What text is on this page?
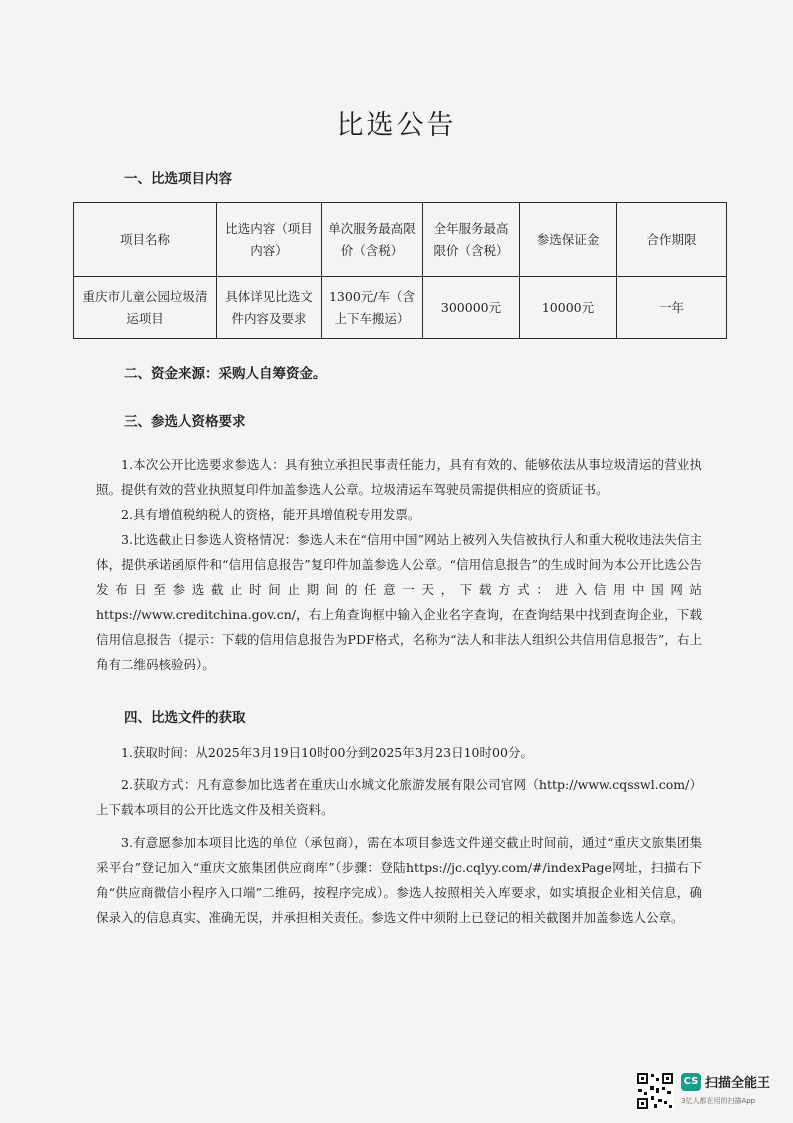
比选公告
一、比选项目内容
项目名称	比选内容（项目内容）	单次服务最高限价（含税）	全年服务最高限价（含税）	参选保证金	合作期限
重庆市儿童公园垃圾清运项目	具体详见比选文件内容及要求	1300元/车（含上下车搬运）	300000元	10000元	一年
二、资金来源：采购人自筹资金。
三、参选人资格要求

1.本次公开比选要求参选人：具有独立承担民事责任能力，具有有效的、能够依法从事垃圾清运的营业执照。提供有效的营业执照复印件加盖参选人公章。垃圾清运车驾驶员需提供相应的资质证书。

2.具有增值税纳税人的资格，能开具增值税专用发票。

3.比选截止日参选人资格情况：参选人未在“信用中国”网站上被列入失信被执行人和重大税收违法失信主体，提供承诺函原件和“信用信息报告”复印件加盖参选人公章。“信用信息报告”的生成时间为本公开比选公告发布日至参选截止时间止期间的任意一天，下载方式：进入信用中国网站https://www.creditchina.gov.cn/，右上角查询框中输入企业名字查询，在查询结果中找到查询企业，下载信用信息报告（提示：下载的信用信息报告为PDF格式，名称为“法人和非法人组织公共信用信息报告”，右上角有二维码核验码）。

四、比选文件的获取

1.获取时间：从2025年3月19日10时00分到2025年3月23日10时00分。

2.获取方式：凡有意参加比选者在重庆山水城文化旅游发展有限公司官网（http://www.cqsswl.com/）上下载本项目的公开比选文件及相关资料。

3.有意愿参加本项目比选的单位（承包商），需在本项目参选文件递交截止时间前，通过“重庆文旅集团集采平台”登记加入“重庆文旅集团供应商库”（步骤：登陆https://jc.cqlyy.com/#/indexPage网址，扫描右下角“供应商微信小程序入口端”二维码，按程序完成）。参选人按照相关入库要求，如实填报企业相关信息，确保录入的信息真实、准确无误，并承担相关责任。参选文件中须附上已登记的相关截图并加盖参选人公章。

CS 扫描全能王
3亿人都在用的扫描App
